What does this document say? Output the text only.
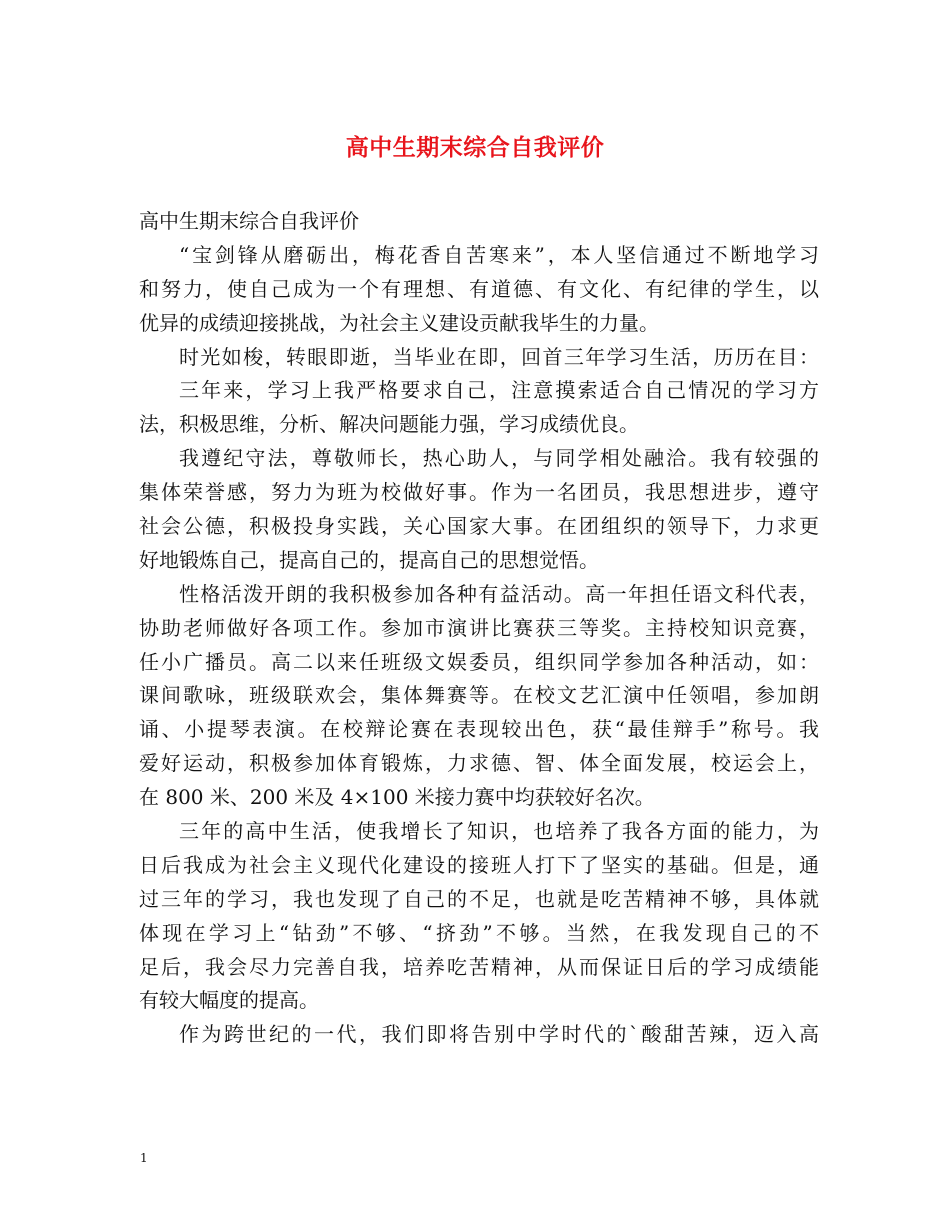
高中生期末综合自我评价
高中生期末综合自我评价
“宝剑锋从磨砺出，梅花香自苦寒来”，本人坚信通过不断地学习
和努力，使自己成为一个有理想、有道德、有文化、有纪律的学生，以
优异的成绩迎接挑战，为社会主义建设贡献我毕生的力量。
时光如梭，转眼即逝，当毕业在即，回首三年学习生活，历历在目：
三年来，学习上我严格要求自己，注意摸索适合自己情况的学习方
法，积极思维，分析、解决问题能力强，学习成绩优良。
我遵纪守法，尊敬师长，热心助人，与同学相处融洽。我有较强的
集体荣誉感，努力为班为校做好事。作为一名团员，我思想进步，遵守
社会公德，积极投身实践，关心国家大事。在团组织的领导下，力求更
好地锻炼自己，提高自己的，提高自己的思想觉悟。
性格活泼开朗的我积极参加各种有益活动。高一年担任语文科代表，
协助老师做好各项工作。参加市演讲比赛获三等奖。主持校知识竞赛，
任小广播员。高二以来任班级文娱委员，组织同学参加各种活动，如：
课间歌咏，班级联欢会，集体舞赛等。在校文艺汇演中任领唱，参加朗
诵、小提琴表演。在校辩论赛在表现较出色，获“最佳辩手”称号。我
爱好运动，积极参加体育锻炼，力求德、智、体全面发展，校运会上，
在 800 米、200 米及 4×100 米接力赛中均获较好名次。
三年的高中生活，使我增长了知识，也培养了我各方面的能力，为
日后我成为社会主义现代化建设的接班人打下了坚实的基础。但是，通
过三年的学习，我也发现了自己的不足，也就是吃苦精神不够，具体就
体现在学习上“钻劲”不够、“挤劲”不够。当然，在我发现自己的不
足后，我会尽力完善自我，培养吃苦精神，从而保证日后的学习成绩能
有较大幅度的提高。
作为跨世纪的一代，我们即将告别中学时代的`酸甜苦辣，迈入高
1
